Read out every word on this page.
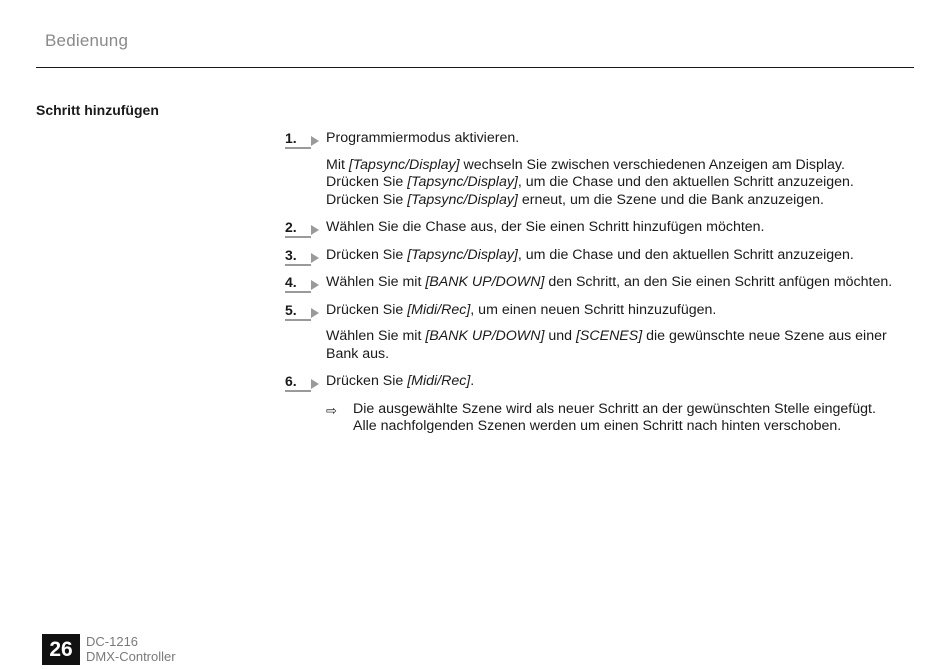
Bedienung
Schritt hinzufügen
1. Programmiermodus aktivieren.
Mit [Tapsync/Display] wechseln Sie zwischen verschiedenen Anzeigen am Display.
Drücken Sie [Tapsync/Display], um die Chase und den aktuellen Schritt anzuzeigen.
Drücken Sie [Tapsync/Display] erneut, um die Szene und die Bank anzuzeigen.
2. Wählen Sie die Chase aus, der Sie einen Schritt hinzufügen möchten.
3. Drücken Sie [Tapsync/Display], um die Chase und den aktuellen Schritt anzuzeigen.
4. Wählen Sie mit [BANK UP/DOWN] den Schritt, an den Sie einen Schritt anfügen möchten.
5. Drücken Sie [Midi/Rec], um einen neuen Schritt hinzuzufügen.
Wählen Sie mit [BANK UP/DOWN] und [SCENES] die gewünschte neue Szene aus einer
Bank aus.
6. Drücken Sie [Midi/Rec].
⇨ Die ausgewählte Szene wird als neuer Schritt an der gewünschten Stelle eingefügt.
Alle nachfolgenden Szenen werden um einen Schritt nach hinten verschoben.
26	DC-1216
DMX-Controller
